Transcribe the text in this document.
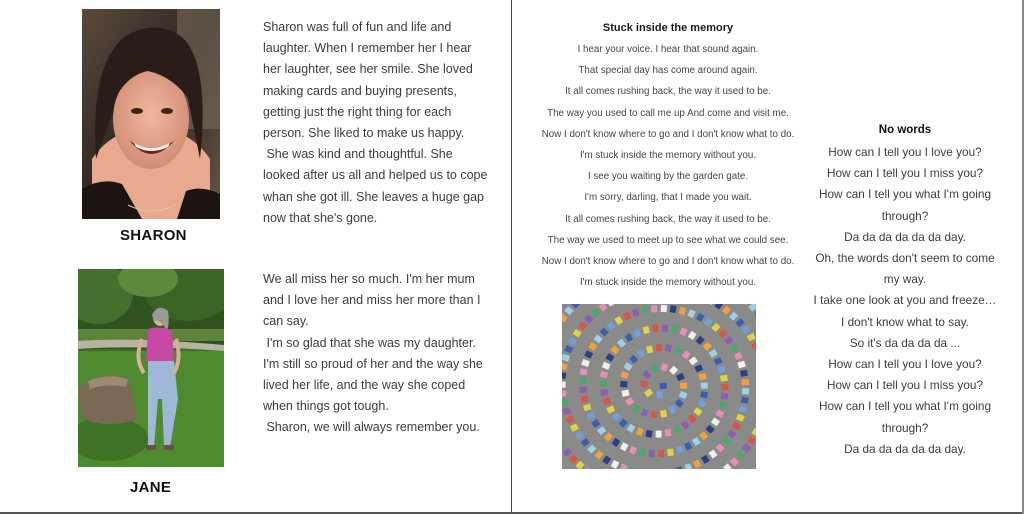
SHARON
Sharon was full of fun and life and
laughter. When I remember her I hear
her laughter, see her smile. She loved
making cards and buying presents,
getting just the right thing for each
person. She liked to make us happy.
She was kind and thoughtful. She
looked after us all and helped us to cope
whan she got ill. She leaves a huge gap
now that she's gone.
JANE
We all miss her so much. I'm her mum
and I love her and miss her more than I
can say.
I'm so glad that she was my daughter.
I'm still so proud of her and the way she
lived her life, and the way she coped
when things got tough.
Sharon, we will always remember you.
Stuck inside the memory
I hear your voice. I hear that sound again.
That special day has come around again.
It all comes rushing back, the way it used to be.
The way you used to call me up And come and visit me.
Now I don't know where to go and I don't know what to do.
I'm stuck inside the memory without you.
I see you waiting by the garden gate.
I'm sorry, darling, that I made you wait.
It all comes rushing back, the way it used to be.
The way we used to meet up to see what we could see.
Now I don't know where to go and I don't know what to do.
I'm stuck inside the memory without you.
No words
How can I tell you I love you?
How can I tell you I miss you?
How can I tell you what I'm going
through?
Da da da da da da day.
Oh, the words don't seem to come
my way.
I take one look at you and freeze…
I don't know what to say.
So it's da da da da ...
How can I tell you I love you?
How can I tell you I miss you?
How can I tell you what I'm going
through?
Da da da da da da day.
